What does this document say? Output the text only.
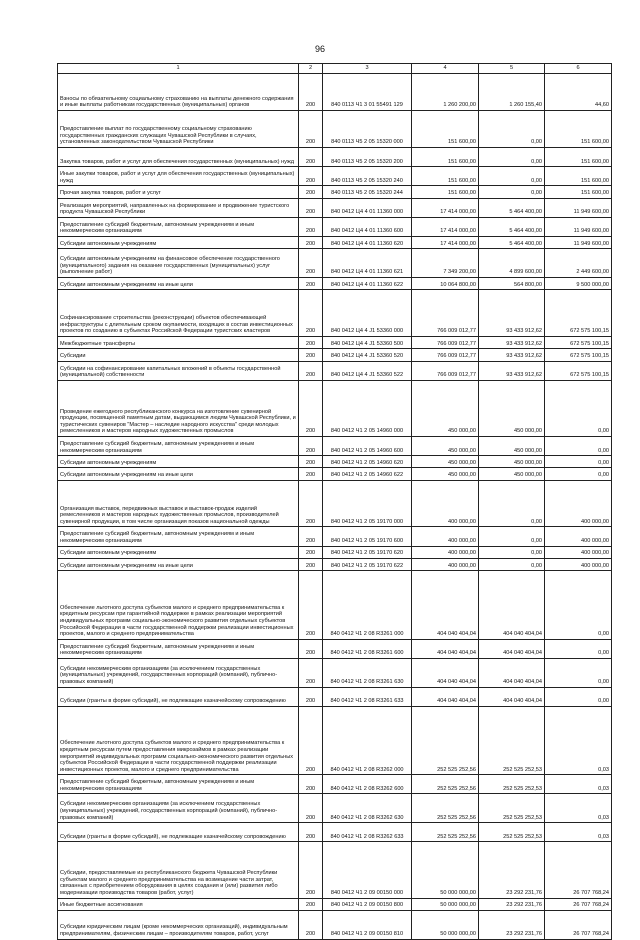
96
1	2	3	4	5	6
Взносы по обязательному социальному страхованию на выплаты денежного содержания и иные выплаты работникам государственных (муниципальных) органов	200	840 0113 Ч1 3 01 55491 129	1 260 200,00	1 260 155,40	44,60
Предоставление выплат по государственному социальному страхованию государственных гражданских служащих Чувашской Республики в случаях, установленных законодательством Чувашской Республики	200	840 0113 Ч5 2 05 15320 000	151 600,00	0,00	151 600,00
Закупка товаров, работ и услуг для обеспечения государственных (муниципальных) нужд	200	840 0113 Ч5 2 05 15320 200	151 600,00	0,00	151 600,00
Иные закупки товаров, работ и услуг для обеспечения государственных (муниципальных) нужд	200	840 0113 Ч5 2 05 15320 240	151 600,00	0,00	151 600,00
Прочая закупка товаров, работ и услуг	200	840 0113 Ч5 2 05 15320 244	151 600,00	0,00	151 600,00
Реализация мероприятий, направленных на формирование и продвижение туристского продукта Чувашской Республики	200	840 0412 Ц4 4 01 11360 000	17 414 000,00	5 464 400,00	11 949 600,00
Предоставление субсидий бюджетным, автономным учреждениям и иным некоммерческим организациям	200	840 0412 Ц4 4 01 11360 600	17 414 000,00	5 464 400,00	11 949 600,00
Субсидии автономным учреждениям	200	840 0412 Ц4 4 01 11360 620	17 414 000,00	5 464 400,00	11 949 600,00
Субсидии автономным учреждениям на финансовое обеспечение государственного (муниципального) задания на оказание государственных (муниципальных) услуг (выполнение работ)	200	840 0412 Ц4 4 01 11360 621	7 349 200,00	4 899 600,00	2 449 600,00
Субсидии автономным учреждениям на иные цели	200	840 0412 Ц4 4 01 11360 622	10 064 800,00	564 800,00	9 500 000,00
Софинансирование строительства (реконструкции) объектов обеспечивающей инфраструктуры с длительным сроком окупаемости, входящих в состав инвестиционных проектов по созданию в субъектах Российской Федерации туристских кластеров	200	840 0412 Ц4 4 J1 53360 000	766 009 012,77	93 433 912,62	672 575 100,15
Межбюджетные трансферты	200	840 0412 Ц4 4 J1 53360 500	766 009 012,77	93 433 912,62	672 575 100,15
Субсидии	200	840 0412 Ц4 4 J1 53360 520	766 009 012,77	93 433 912,62	672 575 100,15
Субсидии на софинансирование капитальных вложений в объекты государственной (муниципальной) собственности	200	840 0412 Ц4 4 J1 53360 522	766 009 012,77	93 433 912,62	672 575 100,15
Проведение ежегодного республиканского конкурса на изготовление сувенирной продукции, посвященной памятным датам, выдающимся людям Чувашской Республики, и туристических сувениров "Мастер – наследие народного искусства" среди молодых ремесленников и мастеров народных художественных промыслов	200	840 0412 Ч1 2 05 14960 000	450 000,00	450 000,00	0,00
Предоставление субсидий бюджетным, автономным учреждениям и иным некоммерческим организациям	200	840 0412 Ч1 2 05 14960 600	450 000,00	450 000,00	0,00
Субсидии автономным учреждениям	200	840 0412 Ч1 2 05 14960 620	450 000,00	450 000,00	0,00
Субсидии автономным учреждениям на иные цели	200	840 0412 Ч1 2 05 14960 622	450 000,00	450 000,00	0,00
Организация выставок, передвижных выставок и выставок-продаж изделий ремесленников и мастеров народных художественных промыслов, производителей сувенирной продукции, в том числе организация показов национальной одежды	200	840 0412 Ч1 2 05 19170 000	400 000,00	0,00	400 000,00
Предоставление субсидий бюджетным, автономным учреждениям и иным некоммерческим организациям	200	840 0412 Ч1 2 05 19170 600	400 000,00	0,00	400 000,00
Субсидии автономным учреждениям	200	840 0412 Ч1 2 05 19170 620	400 000,00	0,00	400 000,00
Субсидии автономным учреждениям на иные цели	200	840 0412 Ч1 2 05 19170 622	400 000,00	0,00	400 000,00
Обеспечение льготного доступа субъектов малого и среднего предпринимательства к кредитным ресурсам при гарантийной поддержке в рамках реализации мероприятий индивидуальных программ социально-экономического развития отдельных субъектов Российской Федерации в части государственной поддержки реализации инвестиционных проектов, малого и среднего предпринимательства	200	840 0412 Ч1 2 08 R3261 000	404 040 404,04	404 040 404,04	0,00
Предоставление субсидий бюджетным, автономным учреждениям и иным некоммерческим организациям	200	840 0412 Ч1 2 08 R3261 600	404 040 404,04	404 040 404,04	0,00
Субсидии некоммерческим организациям (за исключением государственных (муниципальных) учреждений, государственных корпораций (компаний), публично-правовых компаний)	200	840 0412 Ч1 2 08 R3261 630	404 040 404,04	404 040 404,04	0,00
Субсидии (гранты в форме субсидий), не подлежащие казначейскому сопровождению	200	840 0412 Ч1 2 08 R3261 633	404 040 404,04	404 040 404,04	0,00
Обеспечение льготного доступа субъектов малого и среднего предпринимательства к кредитным ресурсам путем предоставления микрозаймов в рамках реализации мероприятий индивидуальных программ социально-экономического развития отдельных субъектов Российской Федерации в части государственной поддержки реализации инвестиционных проектов, малого и среднего предпринимательства	200	840 0412 Ч1 2 08 R3262 000	252 525 252,56	252 525 252,53	0,03
Предоставление субсидий бюджетным, автономным учреждениям и иным некоммерческим организациям	200	840 0412 Ч1 2 08 R3262 600	252 525 252,56	252 525 252,53	0,03
Субсидии некоммерческим организациям (за исключением государственных (муниципальных) учреждений, государственных корпораций (компаний), публично-правовых компаний)	200	840 0412 Ч1 2 08 R3262 630	252 525 252,56	252 525 252,53	0,03
Субсидии (гранты в форме субсидий), не подлежащие казначейскому сопровождению	200	840 0412 Ч1 2 08 R3262 633	252 525 252,56	252 525 252,53	0,03
Субсидии, предоставляемые из республиканского бюджета Чувашской Республики субъектам малого и среднего предпринимательства на возмещение части затрат, связанных с приобретением оборудования в целях создания и (или) развития либо модернизации производства товаров (работ, услуг)	200	840 0412 Ч1 2 09 00150 000	50 000 000,00	23 292 231,76	26 707 768,24
Иные бюджетные ассигнования	200	840 0412 Ч1 2 09 00150 800	50 000 000,00	23 292 231,76	26 707 768,24
Субсидии юридическим лицам (кроме некоммерческих организаций), индивидуальным предпринимателям, физическим лицам – производителям товаров, работ, услуг	200	840 0412 Ч1 2 09 00150 810	50 000 000,00	23 292 231,76	26 707 768,24
